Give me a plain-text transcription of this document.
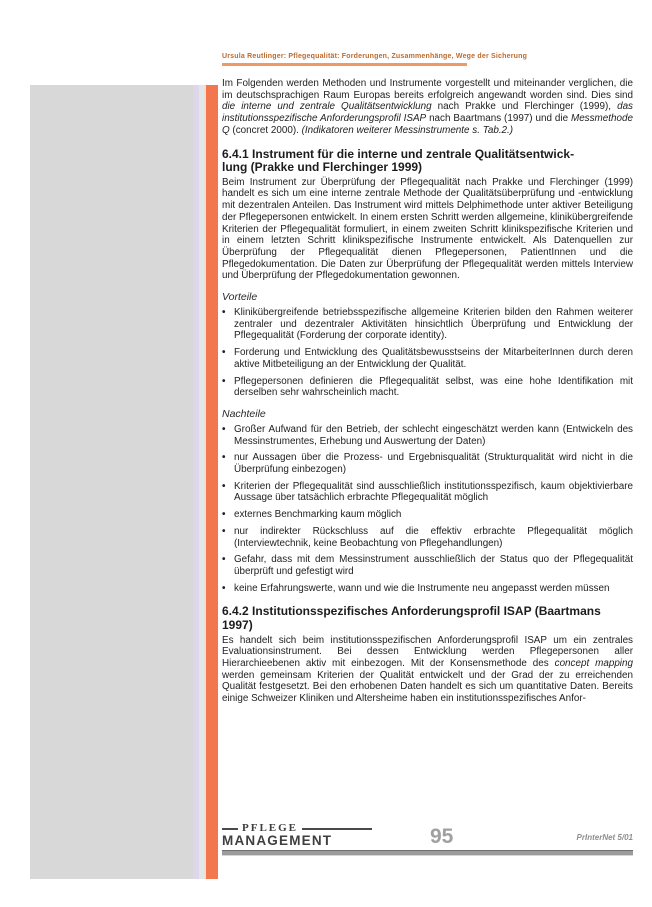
Ursula Reutlinger: Pflegequalität: Forderungen, Zusammenhänge, Wege der Sicherung

Im Folgenden werden Methoden und Instrumente vorgestellt und miteinander verglichen, die im deutschsprachigen Raum Europas bereits erfolgreich angewandt worden sind. Dies sind die interne und zentrale Qualitätsentwicklung nach Prakke und Flerchinger (1999), das institutionsspezifische Anforderungsprofil ISAP nach Baartmans (1997) und die Messmethode Q (concret 2000). (Indikatoren weiterer Messinstrumente s. Tab.2.)

6.4.1 Instrument für die interne und zentrale Qualitätsentwick-
lung (Prakke und Flerchinger 1999)

Beim Instrument zur Überprüfung der Pflegequalität nach Prakke und Flerchinger (1999) handelt es sich um eine interne zentrale Methode der Qualitätsüberprüfung und -entwicklung mit dezentralen Anteilen. Das Instrument wird mittels Delphimethode unter aktiver Beteiligung der Pflegepersonen entwickelt. In einem ersten Schritt werden allgemeine, klinikübergreifende Kriterien der Pflegequalität formuliert, in einem zweiten Schritt klinikspezifische Kriterien und in einem letzten Schritt klinikspezifische Instrumente entwickelt. Als Datenquellen zur Überprüfung der Pflegequalität dienen Pflegepersonen, PatientInnen und die Pflegedokumentation. Die Daten zur Überprüfung der Pflegequalität werden mittels Interview und Überprüfung der Pflegedokumentation gewonnen.

Vorteile
• Klinikübergreifende betriebsspezifische allgemeine Kriterien bilden den Rahmen weiterer zentraler und dezentraler Aktivitäten hinsichtlich Überprüfung und Entwicklung der Pflegequalität (Forderung der corporate identity).
• Forderung und Entwicklung des Qualitätsbewusstseins der MitarbeiterInnen durch deren aktive Mitbeteiligung an der Entwicklung der Qualität.
• Pflegepersonen definieren die Pflegequalität selbst, was eine hohe Identifikation mit derselben sehr wahrscheinlich macht.
Nachteile
• Großer Aufwand für den Betrieb, der schlecht eingeschätzt werden kann (Entwickeln des Messinstrumentes, Erhebung und Auswertung der Daten)
• nur Aussagen über die Prozess- und Ergebnisqualität (Strukturqualität wird nicht in die Überprüfung einbezogen)
• Kriterien der Pflegequalität sind ausschließlich institutionsspezifisch, kaum objektivierbare Aussage über tatsächlich erbrachte Pflegequalität möglich
• externes Benchmarking kaum möglich
• nur indirekter Rückschluss auf die effektiv erbrachte Pflegequalität möglich (Interviewtechnik, keine Beobachtung von Pflegehandlungen)
• Gefahr, dass mit dem Messinstrument ausschließlich der Status quo der Pflegequalität überprüft und gefestigt wird
• keine Erfahrungswerte, wann und wie die Instrumente neu angepasst werden müssen
6.4.2 Institutionsspezifisches Anforderungsprofil ISAP (Baartmans
1997)

Es handelt sich beim institutionsspezifischen Anforderungsprofil ISAP um ein zentrales Evaluationsinstrument. Bei dessen Entwicklung werden Pflegepersonen aller Hierarchieebenen aktiv mit einbezogen. Mit der Konsensmethode des concept mapping werden gemeinsam Kriterien der Qualität entwickelt und der Grad der zu erreichenden Qualität festgesetzt. Bei den erhobenen Daten handelt es sich um quantitative Daten. Bereits einige Schweizer Kliniken und Altersheime haben ein institutionsspezifisches Anfor-

PFLEGE
MANAGEMENT	95	PrInterNet 5/01
